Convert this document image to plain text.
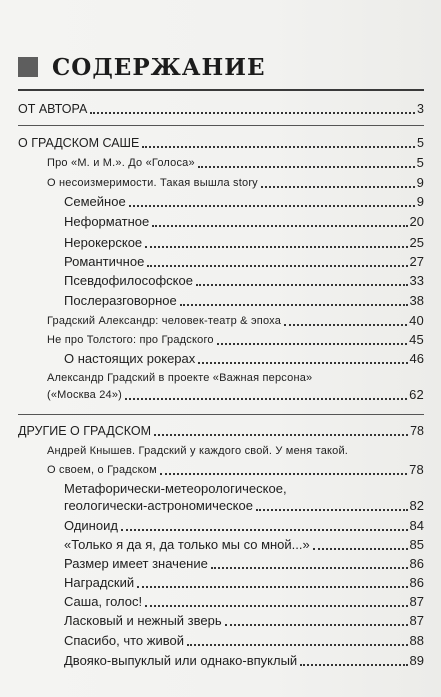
СОДЕРЖАНИЕ
ОТ АВТОРА	3
О ГРАДСКОМ САШЕ	5
Про «М. и М.». До «Голоса»	5
О несоизмеримости. Такая вышла story	9
Семейное	9
Неформатное	20
Нерокерское	25
Романтичное	27
Псевдофилософское	33
Послеразговорное	38
Градский Александр: человек-театр & эпоха	40
Не про Толстого: про Градского	45
О настоящих рокерах	46
Александр Градский в проекте «Важная персона»
(«Москва 24»)	62
ДРУГИЕ О ГРАДСКОМ	78
Андрей Кнышев. Градский у каждого свой. У меня такой.
О своем, о Градском	78
Метафорически-метеорологическое,
геологически-астрономическое	82
Одиноид	84
«Только я да я, да только мы со мной...»	85
Размер имеет значение	86
Наградский	86
Саша, голос!	87
Ласковый и нежный зверь	87
Спасибо, что живой	88
Двояко-выпуклый или однако-впуклый	89
